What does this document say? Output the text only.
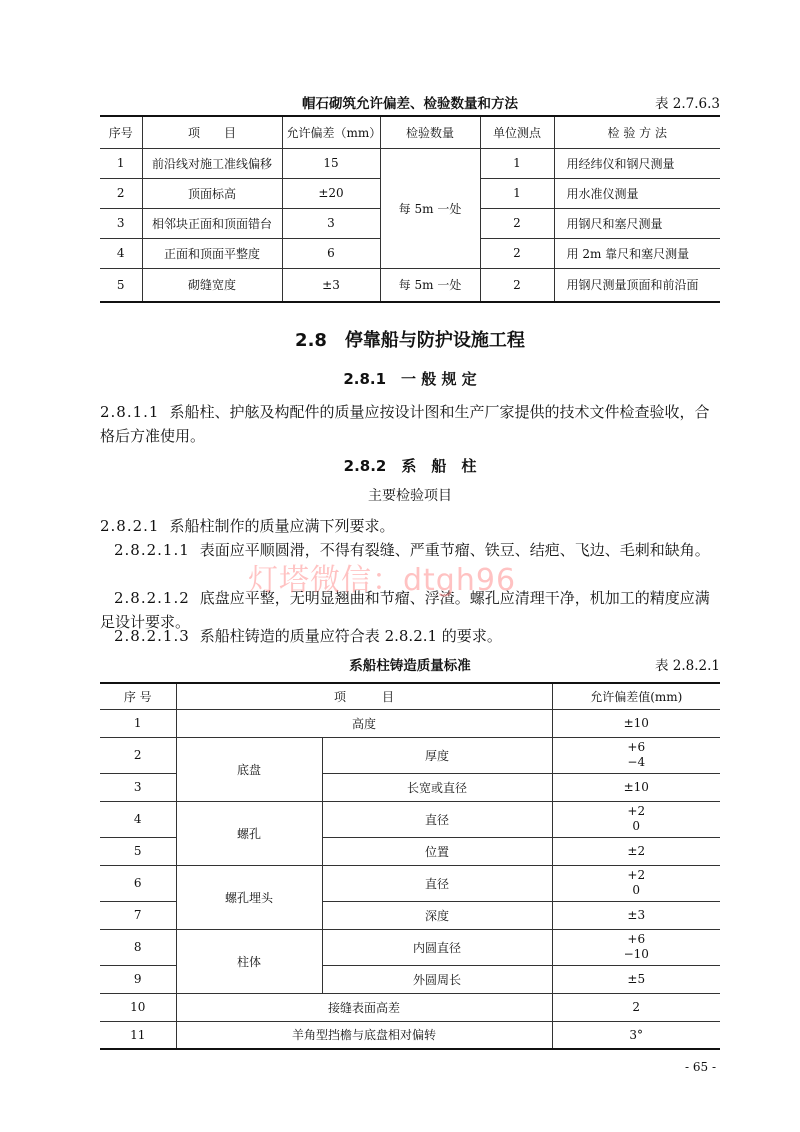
帽石砌筑允许偏差、检验数量和方法	表 2.7.6.3
序号	项　　目	允许偏差（mm）	检验数量	单位测点	检 验 方 法
1	前沿线对施工准线偏移	15	每 5m 一处	1	用经纬仪和钢尺测量
2	顶面标高	±20		1	用水准仪测量
3	相邻块正面和顶面错台	3		2	用钢尺和塞尺测量
4	正面和顶面平整度	6		2	用 2m 靠尺和塞尺测量
5	砌缝宽度	±3	每 5m 一处	2	用钢尺测量顶面和前沿面
2.8　停靠船与防护设施工程
2.8.1　一 般 规 定
2.8.1.1 系船柱、护舷及构配件的质量应按设计图和生产厂家提供的技术文件检查验收，合格后方准使用。
2.8.2　系　船　柱
主要检验项目
2.8.2.1 系船柱制作的质量应满下列要求。
2.8.2.1.1 表面应平顺圆滑，不得有裂缝、严重节瘤、铁豆、结疤、飞边、毛刺和缺角。
2.8.2.1.2 底盘应平整，无明显翘曲和节瘤、浮渣。螺孔应清理干净，机加工的精度应满足设计要求。
2.8.2.1.3 系船柱铸造的质量应符合表 2.8.2.1 的要求。
系船柱铸造质量标准	表 2.8.2.1
序 号	项　　　目		允许偏差值(mm)
1	高度		±10
2	底盘	厚度	+6
−4

3		长宽或直径	±10
4	螺孔	直径	+2
0

5		位置	±2
6	螺孔埋头	直径	+2
0

7		深度	±3
8	柱体	内圆直径	+6
−10

9		外圆周长	±5
10	接缝表面高差		2
11	羊角型挡檐与底盘相对偏转		3°
灯塔微信：dtgh96
- 65 -
